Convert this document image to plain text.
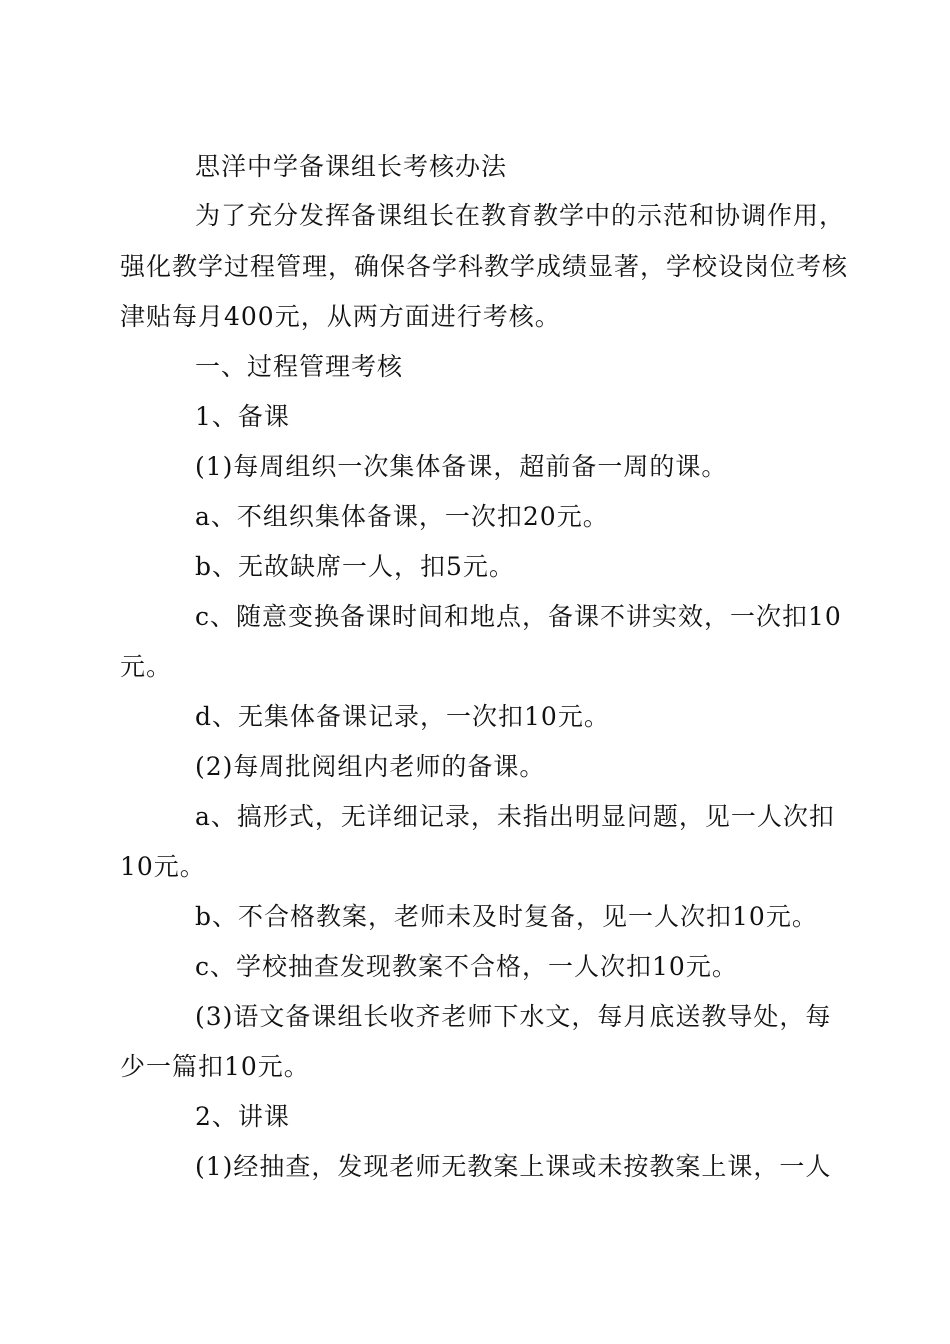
思洋中学备课组长考核办法
为了充分发挥备课组长在教育教学中的示范和协调作用，
强化教学过程管理，确保各学科教学成绩显著，学校设岗位考核
津贴每月400元，从两方面进行考核。
一、过程管理考核
1、备课
(1)每周组织一次集体备课，超前备一周的课。
a、不组织集体备课，一次扣20元。
b、无故缺席一人，扣5元。
c、随意变换备课时间和地点，备课不讲实效，一次扣10
元。
d、无集体备课记录，一次扣10元。
(2)每周批阅组内老师的备课。
a、搞形式，无详细记录，未指出明显问题，见一人次扣
10元。
b、不合格教案，老师未及时复备，见一人次扣10元。
c、学校抽查发现教案不合格，一人次扣10元。
(3)语文备课组长收齐老师下水文，每月底送教导处，每
少一篇扣10元。
2、讲课
(1)经抽查，发现老师无教案上课或未按教案上课，一人
